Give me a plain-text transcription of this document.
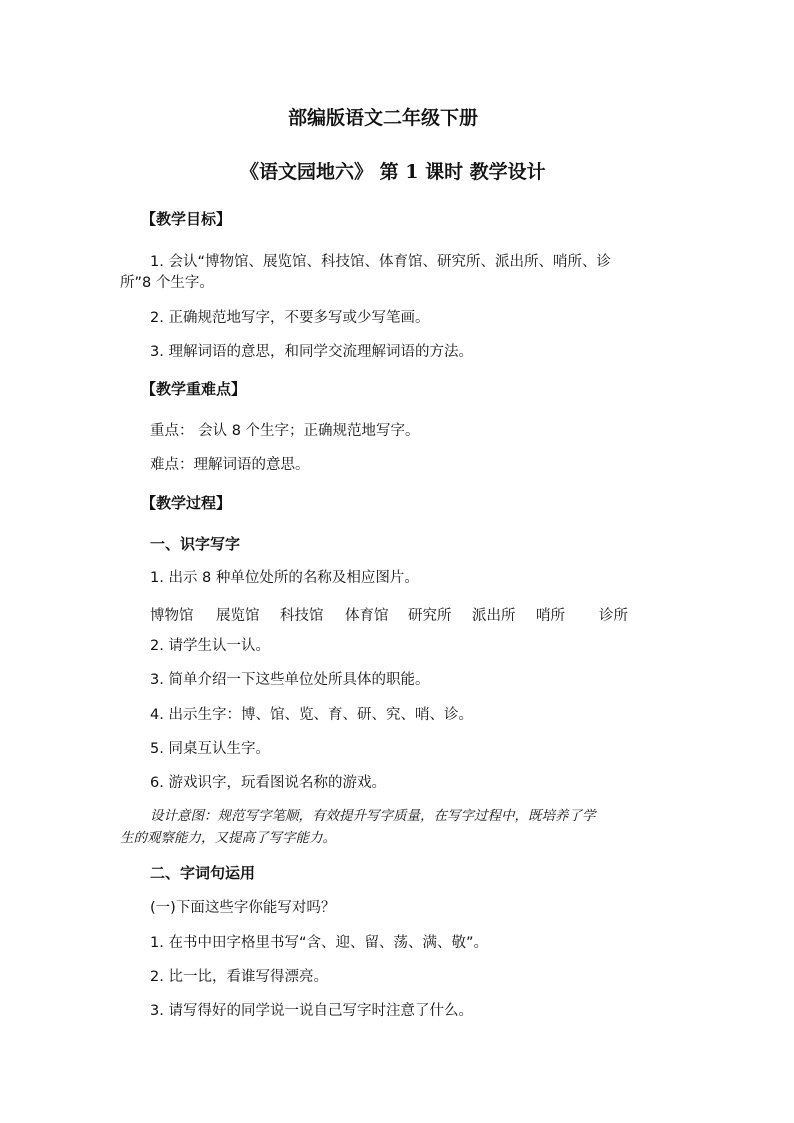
部编版语文二年级下册
《语文园地六》 第 1 课时 教学设计
【教学目标】
1. 会认“博物馆、展览馆、科技馆、体育馆、研究所、派出所、哨所、诊
所”8 个生字。
2. 正确规范地写字，不要多写或少写笔画。
3. 理解词语的意思，和同学交流理解词语的方法。
【教学重难点】
重点： 会认 8 个生字；正确规范地写字。
难点：理解词语的意思。
【教学过程】
一、识字写字
1. 出示 8 种单位处所的名称及相应图片。
博物馆 展览馆 科技馆 体育馆 研究所 派出所 哨所 诊所
2. 请学生认一认。
3. 简单介绍一下这些单位处所具体的职能。
4. 出示生字：博、馆、览、育、研、究、哨、诊。
5. 同桌互认生字。
6. 游戏识字，玩看图说名称的游戏。
设计意图：规范写字笔顺，有效提升写字质量，在写字过程中，既培养了学
生的观察能力，又提高了写字能力。
二、字词句运用
(一)下面这些字你能写对吗？
1. 在书中田字格里书写“含、迎、留、荡、满、敬”。
2. 比一比，看谁写得漂亮。
3. 请写得好的同学说一说自己写字时注意了什么。
